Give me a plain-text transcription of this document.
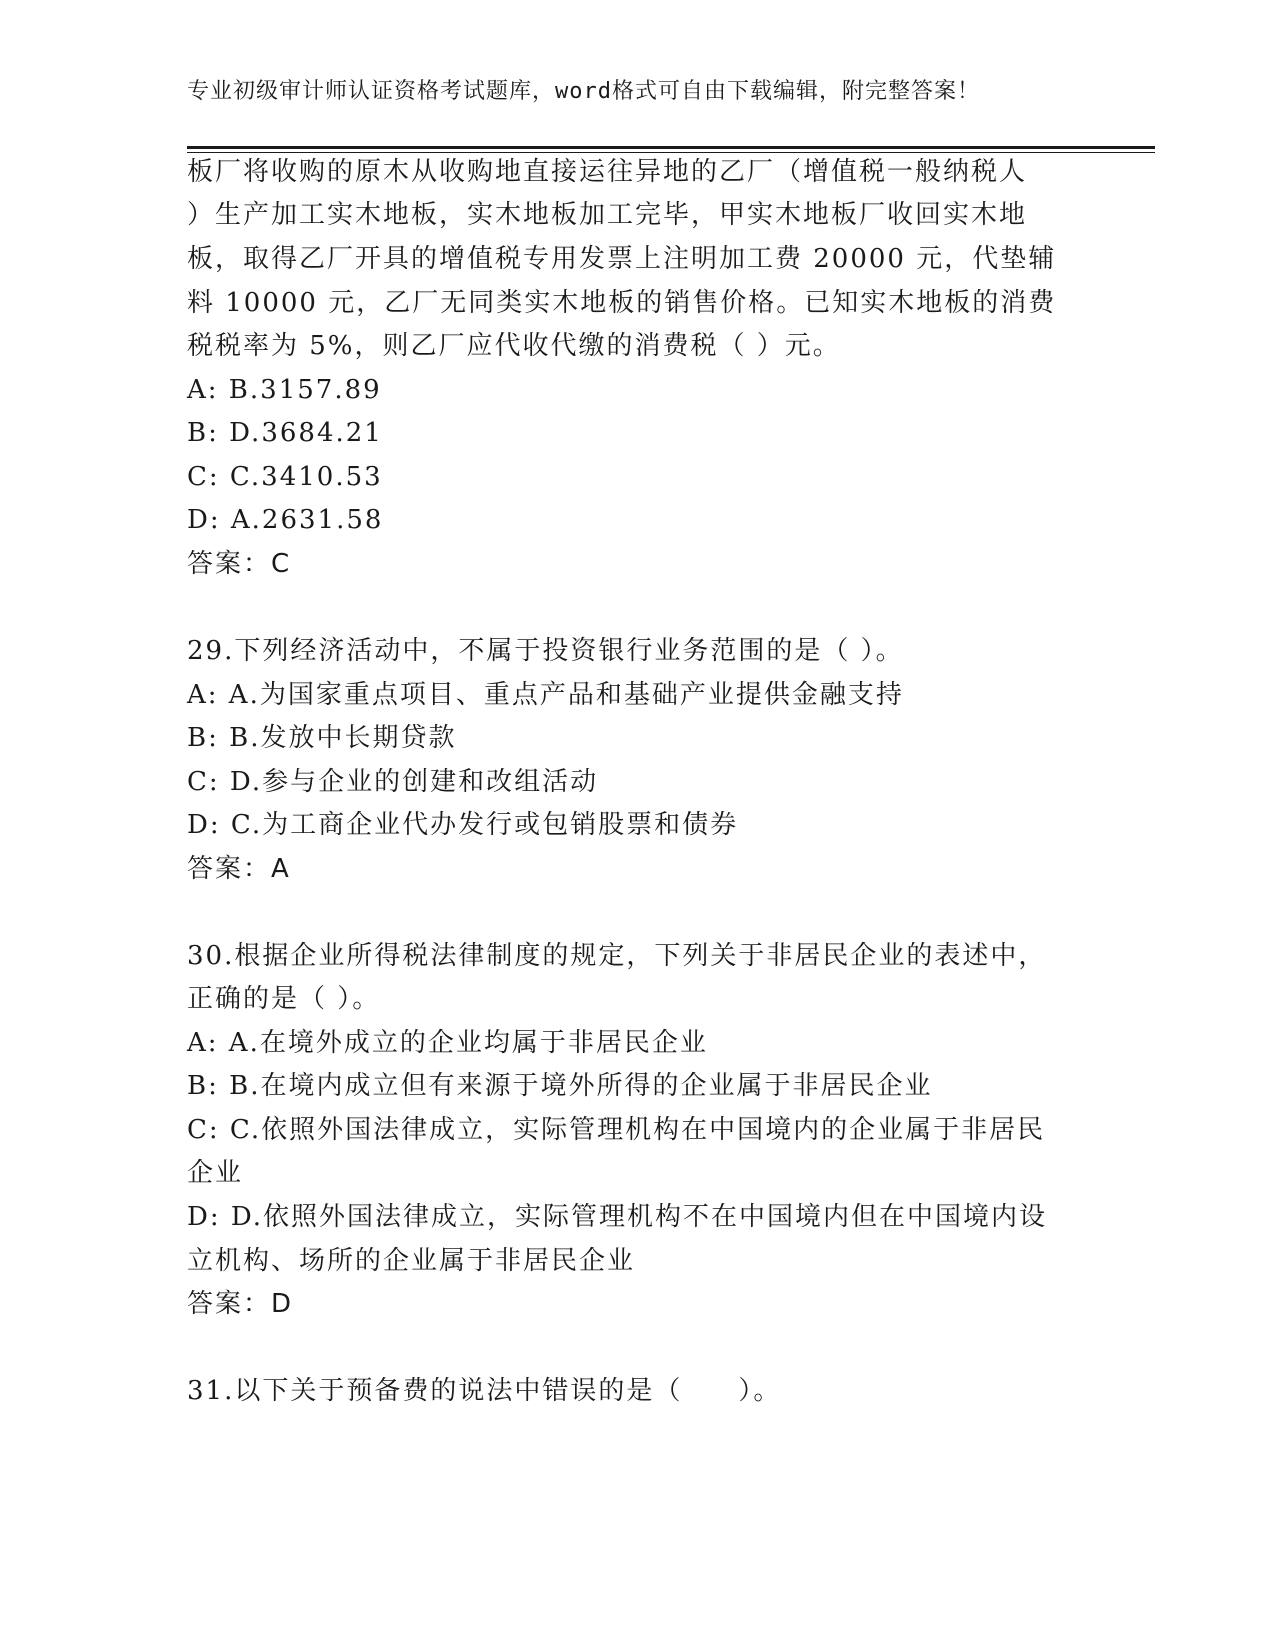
专业初级审计师认证资格考试题库，word格式可自由下载编辑，附完整答案！
板厂将收购的原木从收购地直接运往异地的乙厂（增值税一般纳税人
）生产加工实木地板，实木地板加工完毕，甲实木地板厂收回实木地
板，取得乙厂开具的增值税专用发票上注明加工费 20000 元，代垫辅
料 10000 元，乙厂无同类实木地板的销售价格。已知实木地板的消费
税税率为 5%，则乙厂应代收代缴的消费税（ ）元。
A: B.3157.89
B: D.3684.21
C: C.3410.53
D: A.2631.58
答案：C
29.下列经济活动中，不属于投资银行业务范围的是（ ）。
A: A.为国家重点项目、重点产品和基础产业提供金融支持
B: B.发放中长期贷款
C: D.参与企业的创建和改组活动
D: C.为工商企业代办发行或包销股票和债券
答案：A
30.根据企业所得税法律制度的规定，下列关于非居民企业的表述中，
正确的是（ ）。
A: A.在境外成立的企业均属于非居民企业
B: B.在境内成立但有来源于境外所得的企业属于非居民企业
C: C.依照外国法律成立，实际管理机构在中国境内的企业属于非居民
企业
D: D.依照外国法律成立，实际管理机构不在中国境内但在中国境内设
立机构、场所的企业属于非居民企业
答案：D
31.以下关于预备费的说法中错误的是（　　）。
